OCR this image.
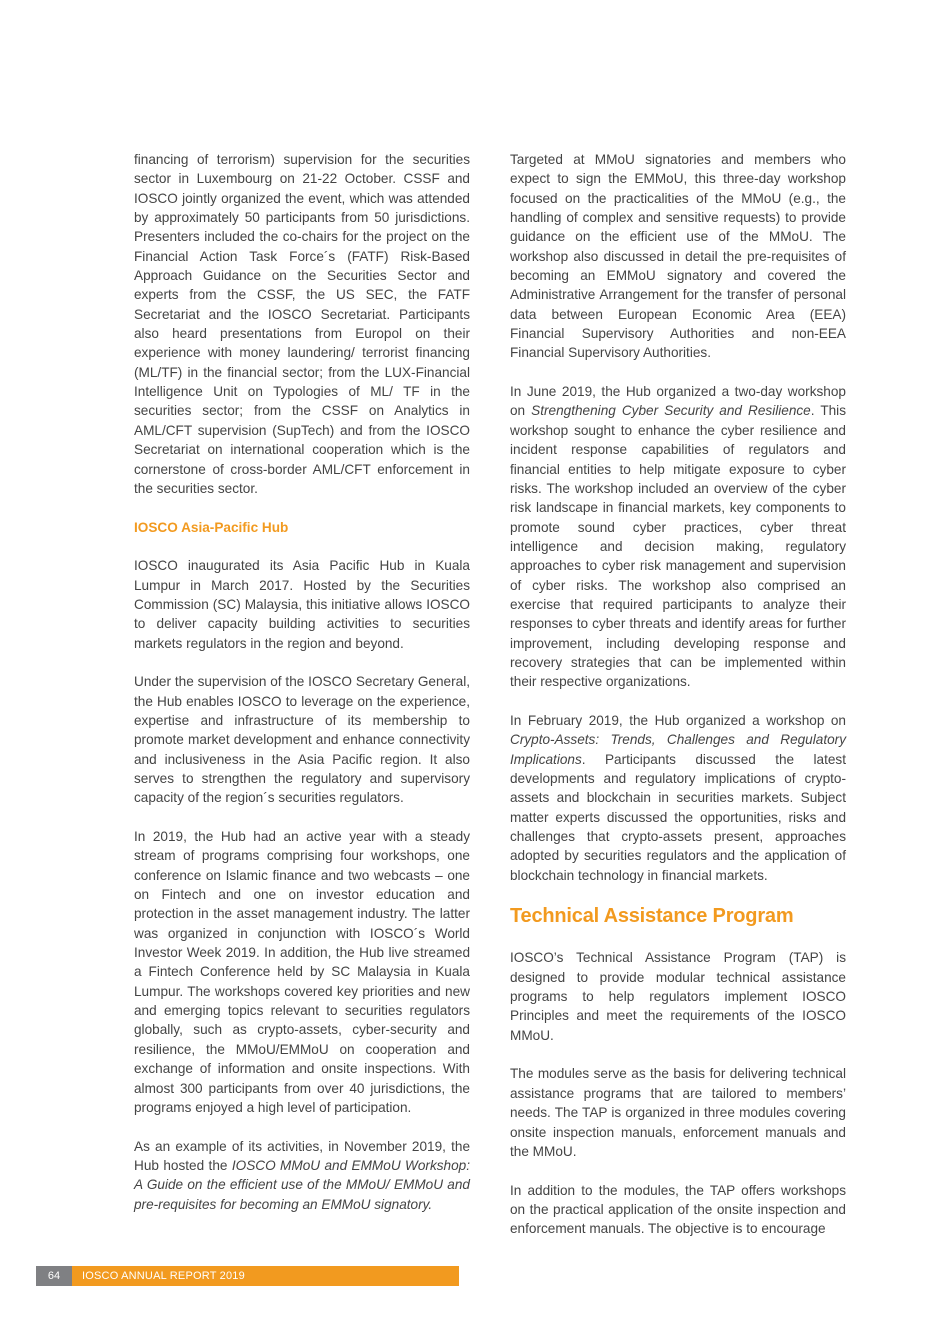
financing of terrorism) supervision for the securities sector in Luxembourg on 21-22 October. CSSF and IOSCO jointly organized the event, which was attended by approximately 50 participants from 50 jurisdictions. Presenters included the co-chairs for the project on the Financial Action Task Force´s (FATF) Risk-Based Approach Guidance on the Securities Sector and experts from the CSSF, the US SEC, the FATF Secretariat and the IOSCO Secretariat. Participants also heard presentations from Europol on their experience with money laundering/ terrorist financing (ML/TF) in the financial sector; from the LUX-Financial Intelligence Unit on Typologies of ML/ TF in the securities sector; from the CSSF on Analytics in AML/CFT supervision (SupTech) and from the IOSCO Secretariat on international cooperation which is the cornerstone of cross-border AML/CFT enforcement in the securities sector.

IOSCO Asia-Pacific Hub

IOSCO inaugurated its Asia Pacific Hub in Kuala Lumpur in March 2017. Hosted by the Securities Commission (SC) Malaysia, this initiative allows IOSCO to deliver capacity building activities to securities markets regulators in the region and beyond.

Under the supervision of the IOSCO Secretary General, the Hub enables IOSCO to leverage on the experience, expertise and infrastructure of its membership to promote market development and enhance connectivity and inclusiveness in the Asia Pacific region. It also serves to strengthen the regulatory and supervisory capacity of the region´s securities regulators.

In 2019, the Hub had an active year with a steady stream of programs comprising four workshops, one conference on Islamic finance and two webcasts – one on Fintech and one on investor education and protection in the asset management industry. The latter was organized in conjunction with IOSCO´s World Investor Week 2019. In addition, the Hub live streamed a Fintech Conference held by SC Malaysia in Kuala Lumpur. The workshops covered key priorities and new and emerging topics relevant to securities regulators globally, such as crypto-assets, cyber-security and resilience, the MMoU/EMMoU on cooperation and exchange of information and onsite inspections. With almost 300 participants from over 40 jurisdictions, the programs enjoyed a high level of participation.

As an example of its activities, in November 2019, the Hub hosted the IOSCO MMoU and EMMoU Workshop: A Guide on the efficient use of the MMoU/ EMMoU and pre-requisites for becoming an EMMoU signatory.

Targeted at MMoU signatories and members who expect to sign the EMMoU, this three-day workshop focused on the practicalities of the MMoU (e.g., the handling of complex and sensitive requests) to provide guidance on the efficient use of the MMoU. The workshop also discussed in detail the pre-requisites of becoming an EMMoU signatory and covered the Administrative Arrangement for the transfer of personal data between European Economic Area (EEA) Financial Supervisory Authorities and non-EEA Financial Supervisory Authorities.

In June 2019, the Hub organized a two-day workshop on Strengthening Cyber Security and Resilience. This workshop sought to enhance the cyber resilience and incident response capabilities of regulators and financial entities to help mitigate exposure to cyber risks. The workshop included an overview of the cyber risk landscape in financial markets, key components to promote sound cyber practices, cyber threat intelligence and decision making, regulatory approaches to cyber risk management and supervision of cyber risks. The workshop also comprised an exercise that required participants to analyze their responses to cyber threats and identify areas for further improvement, including developing response and recovery strategies that can be implemented within their respective organizations.

In February 2019, the Hub organized a workshop on Crypto-Assets: Trends, Challenges and Regulatory Implications. Participants discussed the latest developments and regulatory implications of crypto-assets and blockchain in securities markets. Subject matter experts discussed the opportunities, risks and challenges that crypto-assets present, approaches adopted by securities regulators and the application of blockchain technology in financial markets.

Technical Assistance Program

IOSCO’s Technical Assistance Program (TAP) is designed to provide modular technical assistance programs to help regulators implement IOSCO Principles and meet the requirements of the IOSCO MMoU.

The modules serve as the basis for delivering technical assistance programs that are tailored to members’ needs. The TAP is organized in three modules covering onsite inspection manuals, enforcement manuals and the MMoU.

In addition to the modules, the TAP offers workshops on the practical application of the onsite inspection and enforcement manuals. The objective is to encourage

64	IOSCO ANNUAL REPORT 2019
